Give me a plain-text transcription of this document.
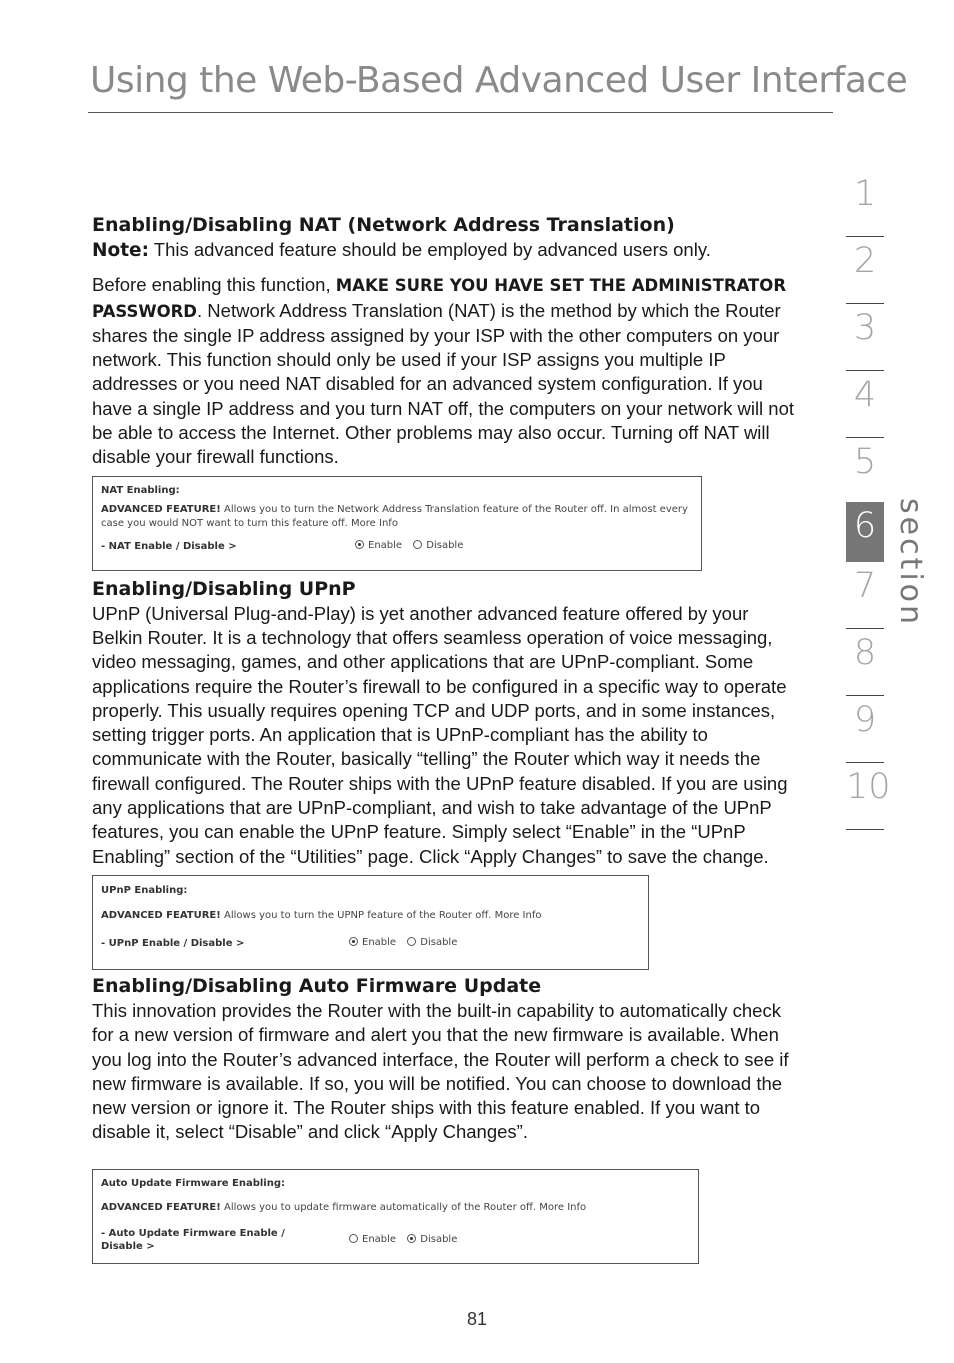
Using the Web-Based Advanced User Interface
Enabling/Disabling NAT (Network Address Translation)

Note: This advanced feature should be employed by advanced users only.

Before enabling this function, MAKE SURE YOU HAVE SET THE ADMINISTRATOR PASSWORD. Network Address Translation (NAT) is the method by which the Router shares the single IP address assigned by your ISP with the other computers on your network. This function should only be used if your ISP assigns you multiple IP addresses or you need NAT disabled for an advanced system configuration. If you have a single IP address and you turn NAT off, the computers on your network will not be able to access the Internet. Other problems may also occur. Turning off NAT will disable your firewall functions.

NAT Enabling:
ADVANCED FEATURE! Allows you to turn the Network Address Translation feature of the Router off. In almost every case you would NOT want to turn this feature off. More Info
- NAT Enable / Disable >	Enable Disable
Enabling/Disabling UPnP

UPnP (Universal Plug-and-Play) is yet another advanced feature offered by your Belkin Router. It is a technology that offers seamless operation of voice messaging, video messaging, games, and other applications that are UPnP-compliant. Some applications require the Router’s firewall to be configured in a specific way to operate properly. This usually requires opening TCP and UDP ports, and in some instances, setting trigger ports. An application that is UPnP-compliant has the ability to communicate with the Router, basically “telling” the Router which way it needs the firewall configured. The Router ships with the UPnP feature disabled. If you are using any applications that are UPnP-compliant, and wish to take advantage of the UPnP features, you can enable the UPnP feature. Simply select “Enable” in the “UPnP Enabling” section of the “Utilities” page. Click “Apply Changes” to save the change.

UPnP Enabling:
ADVANCED FEATURE! Allows you to turn the UPNP feature of the Router off. More Info
- UPnP Enable / Disable >	Enable Disable
Enabling/Disabling Auto Firmware Update

This innovation provides the Router with the built-in capability to automatically check for a new version of firmware and alert you that the new firmware is available. When you log into the Router’s advanced interface, the Router will perform a check to see if new firmware is available. If so, you will be notified. You can choose to download the new version or ignore it. The Router ships with this feature enabled. If you want to disable it, select “Disable” and click “Apply Changes”.

Auto Update Firmware Enabling:
ADVANCED FEATURE! Allows you to update firmware automatically of the Router off. More Info
- Auto Update Firmware Enable /
Disable >
Enable Disable
1
2
3
4
5
6
7
8
9
10
section
81
